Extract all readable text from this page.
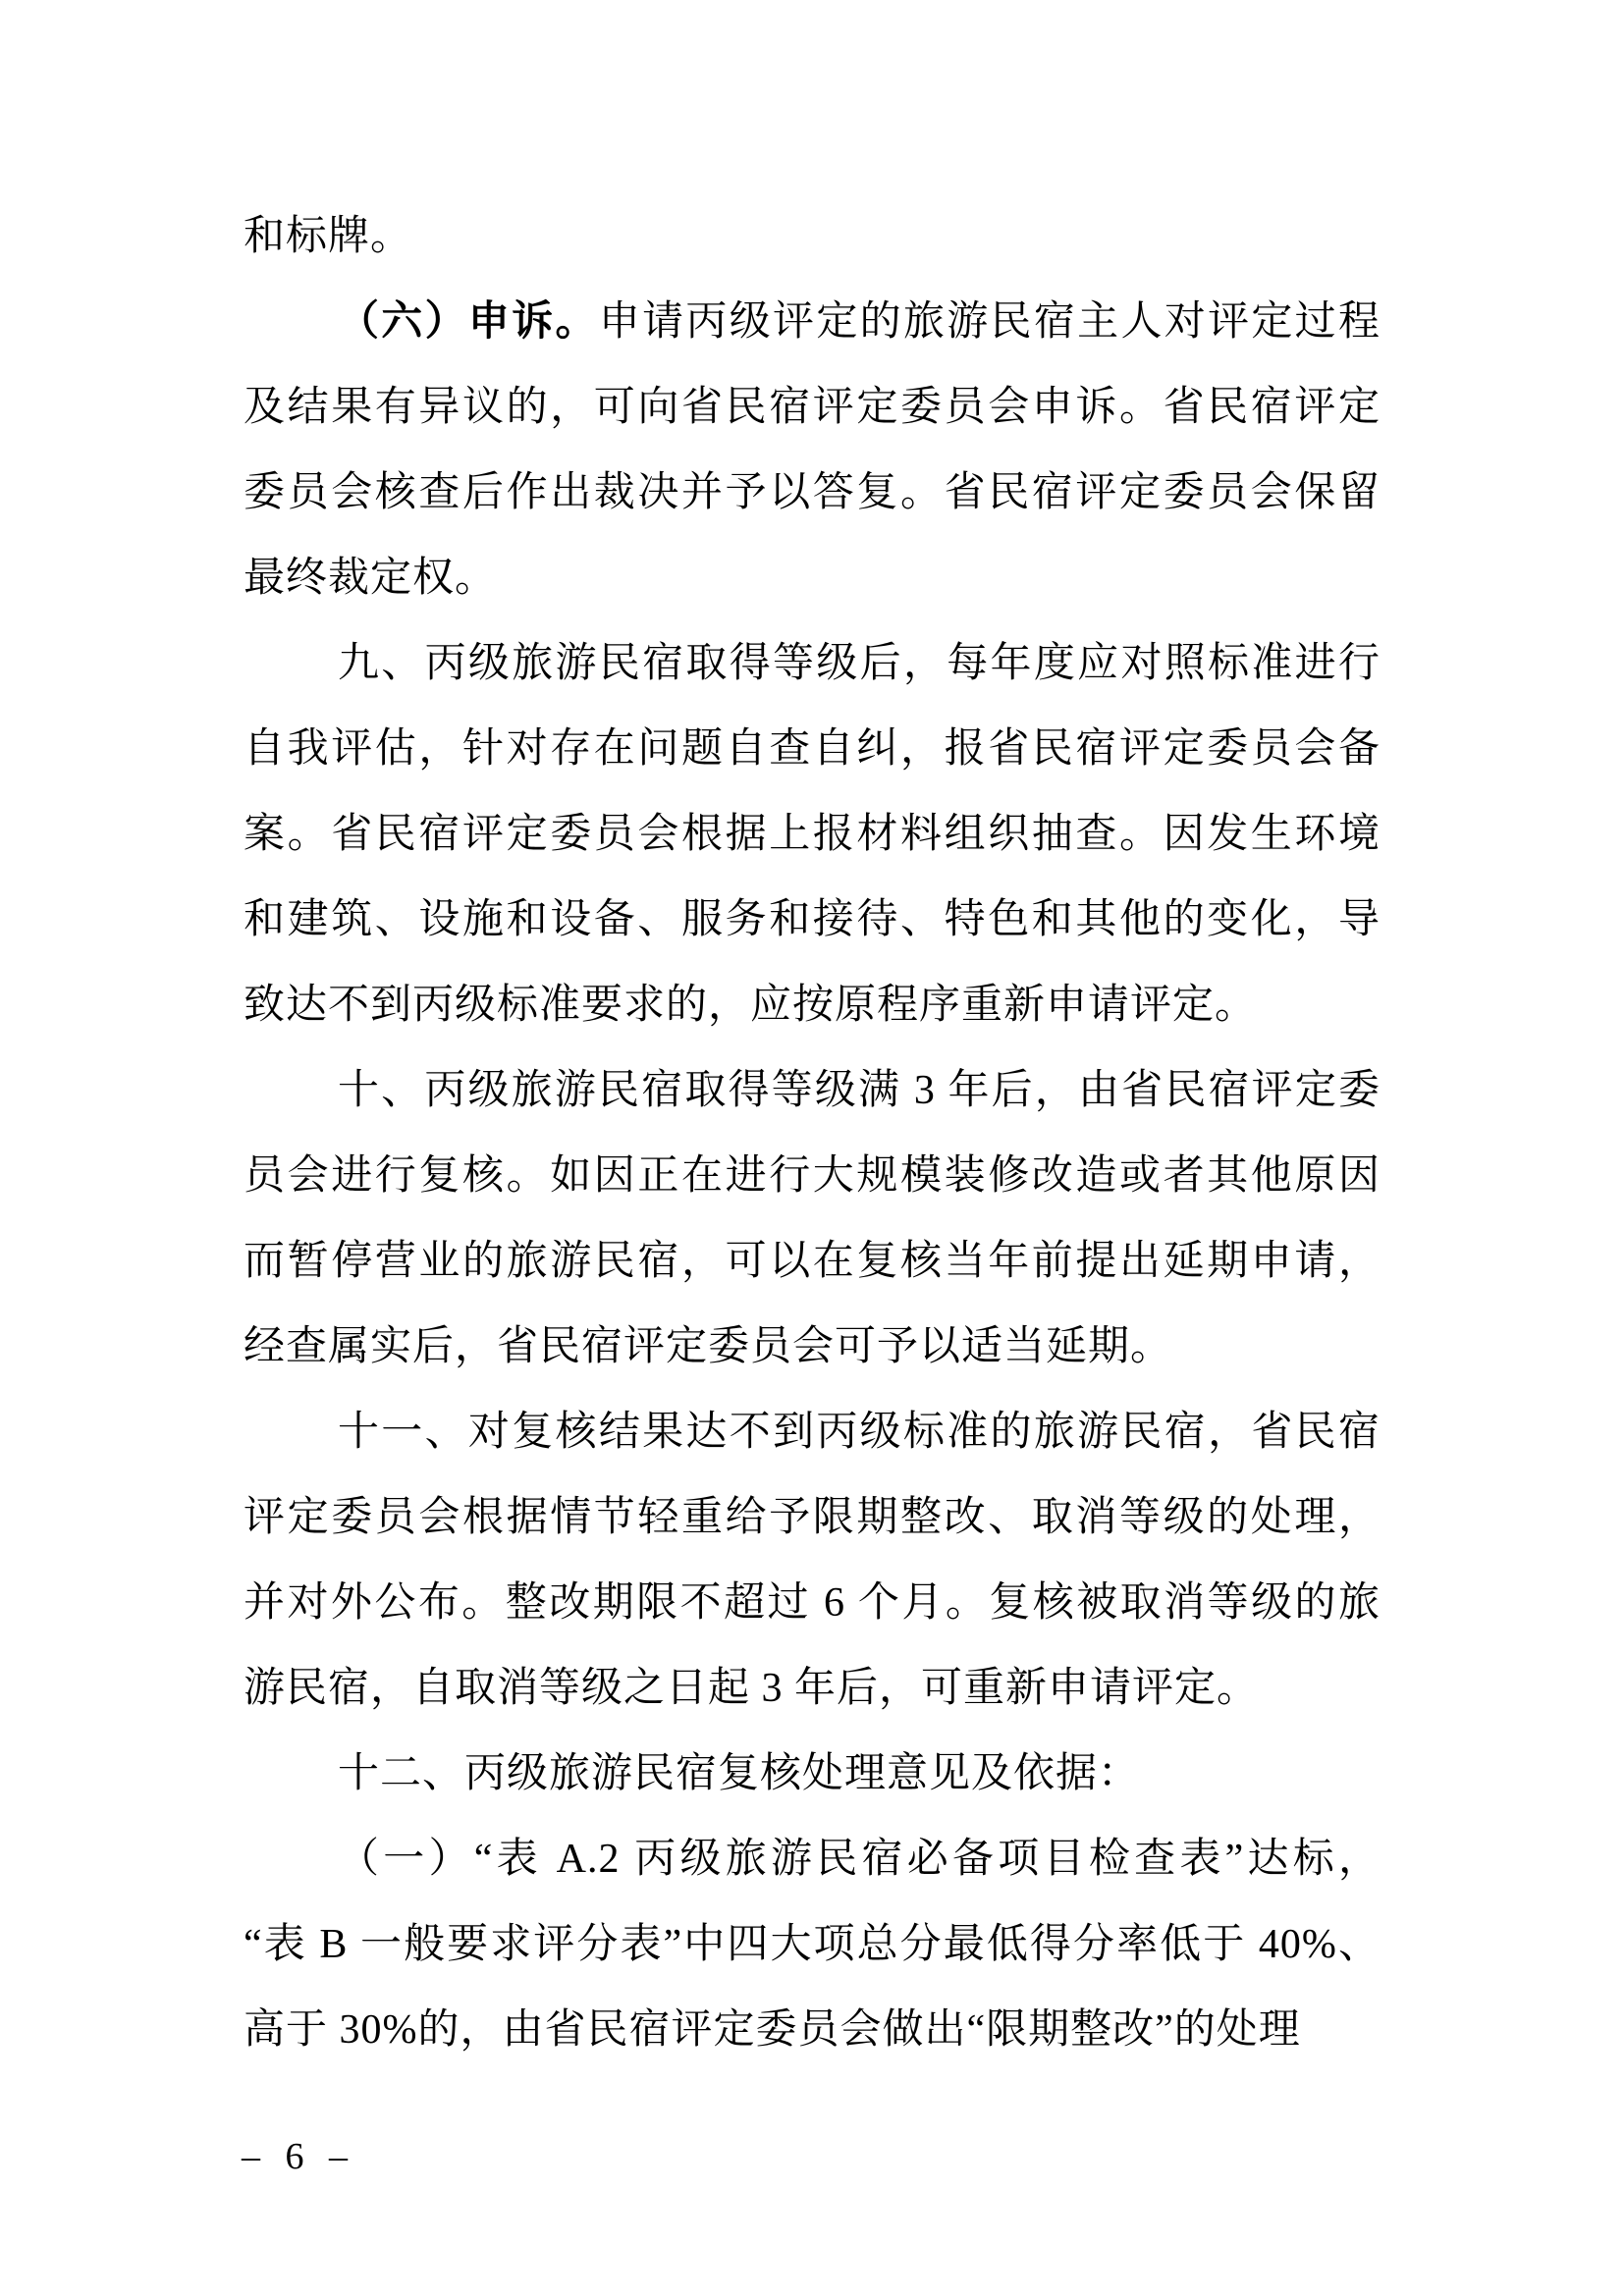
和标牌。
（六）申诉。申请丙级评定的旅游民宿主人对评定过程
及结果有异议的，可向省民宿评定委员会申诉。省民宿评定
委员会核查后作出裁决并予以答复。省民宿评定委员会保留
最终裁定权。
九、丙级旅游民宿取得等级后，每年度应对照标准进行
自我评估，针对存在问题自查自纠，报省民宿评定委员会备
案。省民宿评定委员会根据上报材料组织抽查。因发生环境
和建筑、设施和设备、服务和接待、特色和其他的变化，导
致达不到丙级标准要求的，应按原程序重新申请评定。
十、丙级旅游民宿取得等级满 3 年后，由省民宿评定委
员会进行复核。如因正在进行大规模装修改造或者其他原因
而暂停营业的旅游民宿，可以在复核当年前提出延期申请，
经查属实后，省民宿评定委员会可予以适当延期。
十一、对复核结果达不到丙级标准的旅游民宿，省民宿
评定委员会根据情节轻重给予限期整改、取消等级的处理，
并对外公布。整改期限不超过 6 个月。复核被取消等级的旅
游民宿，自取消等级之日起 3 年后，可重新申请评定。
十二、丙级旅游民宿复核处理意见及依据：
（一）“表 A.2 丙级旅游民宿必备项目检查表”达标，
“表 B 一般要求评分表”中四大项总分最低得分率低于 40%、
高于 30%的，由省民宿评定委员会做出“限期整改”的处理
– 6 –
